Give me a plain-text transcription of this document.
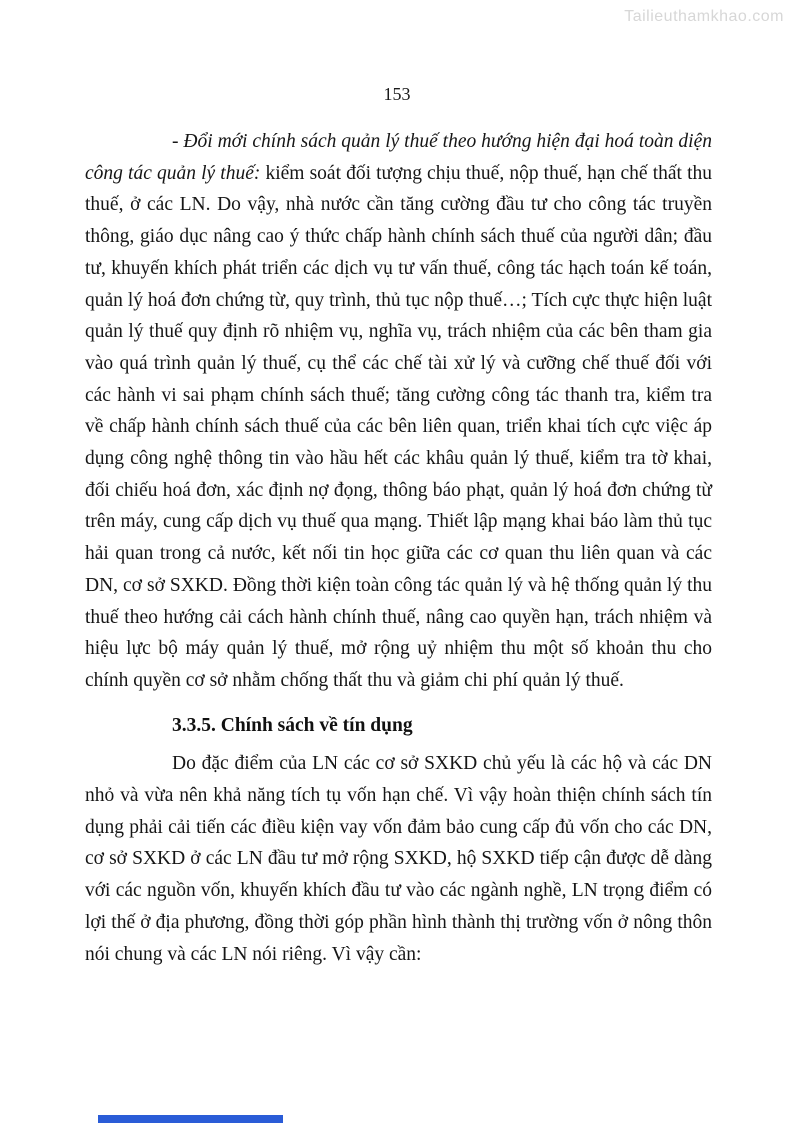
Tailieuthamkhao.com
153

- Đổi mới chính sách quản lý thuế theo hướng hiện đại hoá toàn diện công tác quản lý thuế: kiểm soát đối tượng chịu thuế, nộp thuế, hạn chế thất thu thuế, ở các LN. Do vậy, nhà nước cần tăng cường đầu tư cho công tác truyền thông, giáo dục nâng cao ý thức chấp hành chính sách thuế của người dân; đầu tư, khuyến khích phát triển các dịch vụ tư vấn thuế, công tác hạch toán kế toán, quản lý hoá đơn chứng từ, quy trình, thủ tục nộp thuế…; Tích cực thực hiện luật quản lý thuế quy định rõ nhiệm vụ, nghĩa vụ, trách nhiệm của các bên tham gia vào quá trình quản lý thuế, cụ thể các chế tài xử lý và cưỡng chế thuế đối với các hành vi sai phạm chính sách thuế; tăng cường công tác thanh tra, kiểm tra về chấp hành chính sách thuế của các bên liên quan, triển khai tích cực việc áp dụng công nghệ thông tin vào hầu hết các khâu quản lý thuế, kiểm tra tờ khai, đối chiếu hoá đơn, xác định nợ đọng, thông báo phạt, quản lý hoá đơn chứng từ trên máy, cung cấp dịch vụ thuế qua mạng. Thiết lập mạng khai báo làm thủ tục hải quan trong cả nước, kết nối tin học giữa các cơ quan thu liên quan và các DN, cơ sở SXKD. Đồng thời kiện toàn công tác quản lý và hệ thống quản lý thu thuế theo hướng cải cách hành chính thuế, nâng cao quyền hạn, trách nhiệm và hiệu lực bộ máy quản lý thuế, mở rộng uỷ nhiệm thu một số khoản thu cho chính quyền cơ sở nhằm chống thất thu và giảm chi phí quản lý thuế.

3.3.5. Chính sách về tín dụng

Do đặc điểm của LN các cơ sở SXKD chủ yếu là các hộ và các DN nhỏ và vừa nên khả năng tích tụ vốn hạn chế. Vì vậy hoàn thiện chính sách tín dụng phải cải tiến các điều kiện vay vốn đảm bảo cung cấp đủ vốn cho các DN, cơ sở SXKD ở các LN đầu tư mở rộng SXKD, hộ SXKD tiếp cận được dễ dàng với các nguồn vốn, khuyến khích đầu tư vào các ngành nghề, LN trọng điểm có lợi thế ở địa phương, đồng thời góp phần hình thành thị trường vốn ở nông thôn nói chung và các LN nói riêng. Vì vậy cần:
